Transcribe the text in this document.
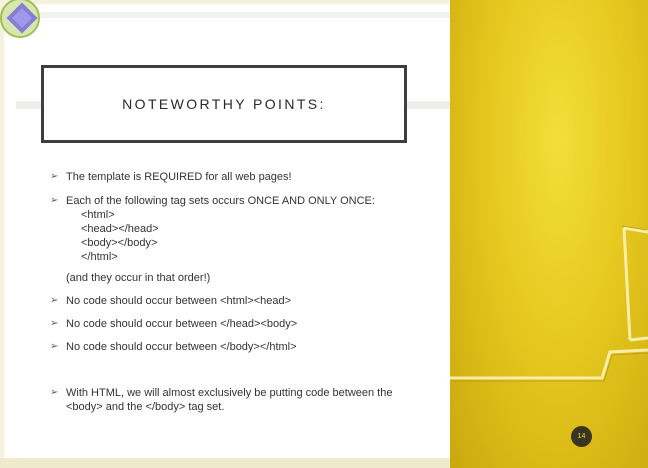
NOTEWORTHY POINTS:
➢ The template is REQUIRED for all web pages!
➢ Each of the following tag sets occurs ONCE AND ONLY ONCE:
<html>
<head></head>
<body></body>
</html>
(and they occur in that order!)
➢ No code should occur between <html><head>
➢ No code should occur between </head><body>
➢ No code should occur between </body></html>
➢ With HTML, we will almost exclusively be putting code between the
<body> and the </body> tag set.
14
